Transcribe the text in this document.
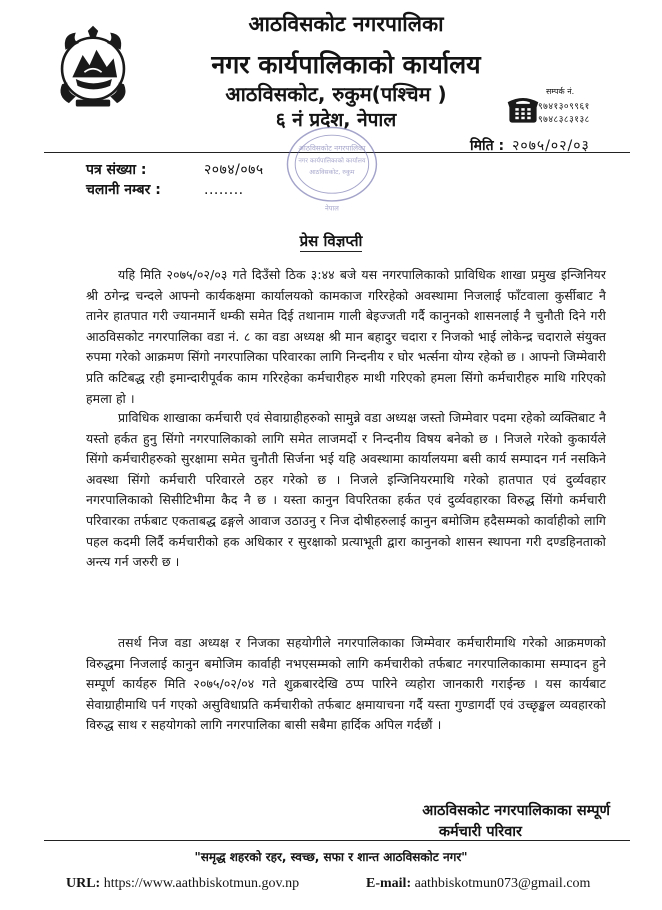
आठविसकोट नगरपालिका
नगर कार्यपालिकाको कार्यालय
आठविसकोट, रुकुम(पश्चिम )
६ नं प्रदेश, नेपाल
सम्पर्क नं.
९७४१३०९९६१
९७४८३८३१३८
मिति : २०७५/०२/०३
पत्र संख्या :	२०७४/०७५
चलानी नम्बर :	........
आठविसकोट नगरपालिका
नगर कार्यपालिकाको कार्यालय
आठविसकोट, रुकुम
नेपाल
प्रेस विज्ञप्ती

यहि मिति २०७५/०२/०३ गते दिउँसो ठिक ३:४४ बजे यस नगरपालिकाको प्राविधिक शाखा प्रमुख इन्जिनियर श्री ठगेन्द्र चन्दले आफ्नो कार्यकक्षमा कार्यालयको कामकाज गरिरहेको अवस्थामा निजलाई फाँटवाला कुर्सीबाट नै तानेर हातपात गरी ज्यानमार्ने धम्की समेत दिई तथानाम गाली बेइज्जती गर्दै कानुनको शासनलाई नै चुनौती दिने गरी आठविसकोट नगरपालिका वडा नं. ८ का वडा अध्यक्ष श्री मान बहादुर चदारा र निजको भाई लोकेन्द्र चदाराले संयुक्त रुपमा गरेको आक्रमण सिंगो नगरपालिका परिवारका लागि निन्दनीय र घोर भर्त्सना योग्य रहेको छ । आफ्नो जिम्मेवारी प्रति कटिबद्ध रही इमान्दारीपूर्वक काम गरिरहेका कर्मचारीहरु माथी गरिएको हमला सिंगो कर्मचारीहरु माथि गरिएको हमला हो ।

प्राविधिक शाखाका कर्मचारी एवं सेवाग्राहीहरुको सामुन्ने वडा अध्यक्ष जस्तो जिम्मेवार पदमा रहेको व्यक्तिबाट नै यस्तो हर्कत हुनु सिंगो नगरपालिकाको लागि समेत लाजमर्दो र निन्दनीय विषय बनेको छ । निजले गरेको कुकार्यले सिंगो कर्मचारीहरुको सुरक्षामा समेत चुनौती सिर्जना भई यहि अवस्थामा कार्यालयमा बसी कार्य सम्पादन गर्न नसकिने अवस्था सिंगो कर्मचारी परिवारले ठहर गरेको छ । निजले इन्जिनियरमाथि गरेको हातपात एवं दुर्व्यवहार नगरपालिकाको सिसीटिभीमा कैद नै छ । यस्ता कानुन विपरितका हर्कत एवं दुर्व्यवहारका विरुद्ध सिंगो कर्मचारी परिवारका तर्फबाट एकताबद्ध ढङ्गले आवाज उठाउनु र निज दोषीहरुलाई कानुन बमोजिम हदैसम्मको कार्वाहीको लागि पहल कदमी लिर्दै कर्मचारीको हक अधिकार र सुरक्षाको प्रत्याभूती द्वारा कानुनको शासन स्थापना गरी दण्डहिनताको अन्त्य गर्न जरुरी छ ।

तसर्थ निज वडा अध्यक्ष र निजका सहयोगीले नगरपालिकाका जिम्मेवार कर्मचारीमाथि गरेको आक्रमणको विरुद्धमा निजलाई कानुन बमोजिम कार्वाही नभएसम्मको लागि कर्मचारीको तर्फबाट नगरपालिकाकामा सम्पादन हुने सम्पूर्ण कार्यहरु मिति २०७५/०२/०४ गते शुक्रबारदेखि ठप्प पारिने व्यहोरा जानकारी गराईन्छ । यस कार्यबाट सेवाग्राहीमाथि पर्न गएको असुविधाप्रति कर्मचारीको तर्फबाट क्षमायाचना गर्दै यस्ता गुण्डागर्दी एवं उच्छृङ्खल व्यवहारको विरुद्ध साथ र सहयोगको लागि नगरपालिका बासी सबैमा हार्दिक अपिल गर्दछौं ।

आठविसकोट नगरपालिकाका सम्पूर्ण
कर्मचारी परिवार
"समृद्ध शहरको रहर, स्वच्छ, सफा र शान्त आठविसकोट नगर"
URL: https://www.aathbiskotmun.gov.np	E-mail: aathbiskotmun073@gmail.com
